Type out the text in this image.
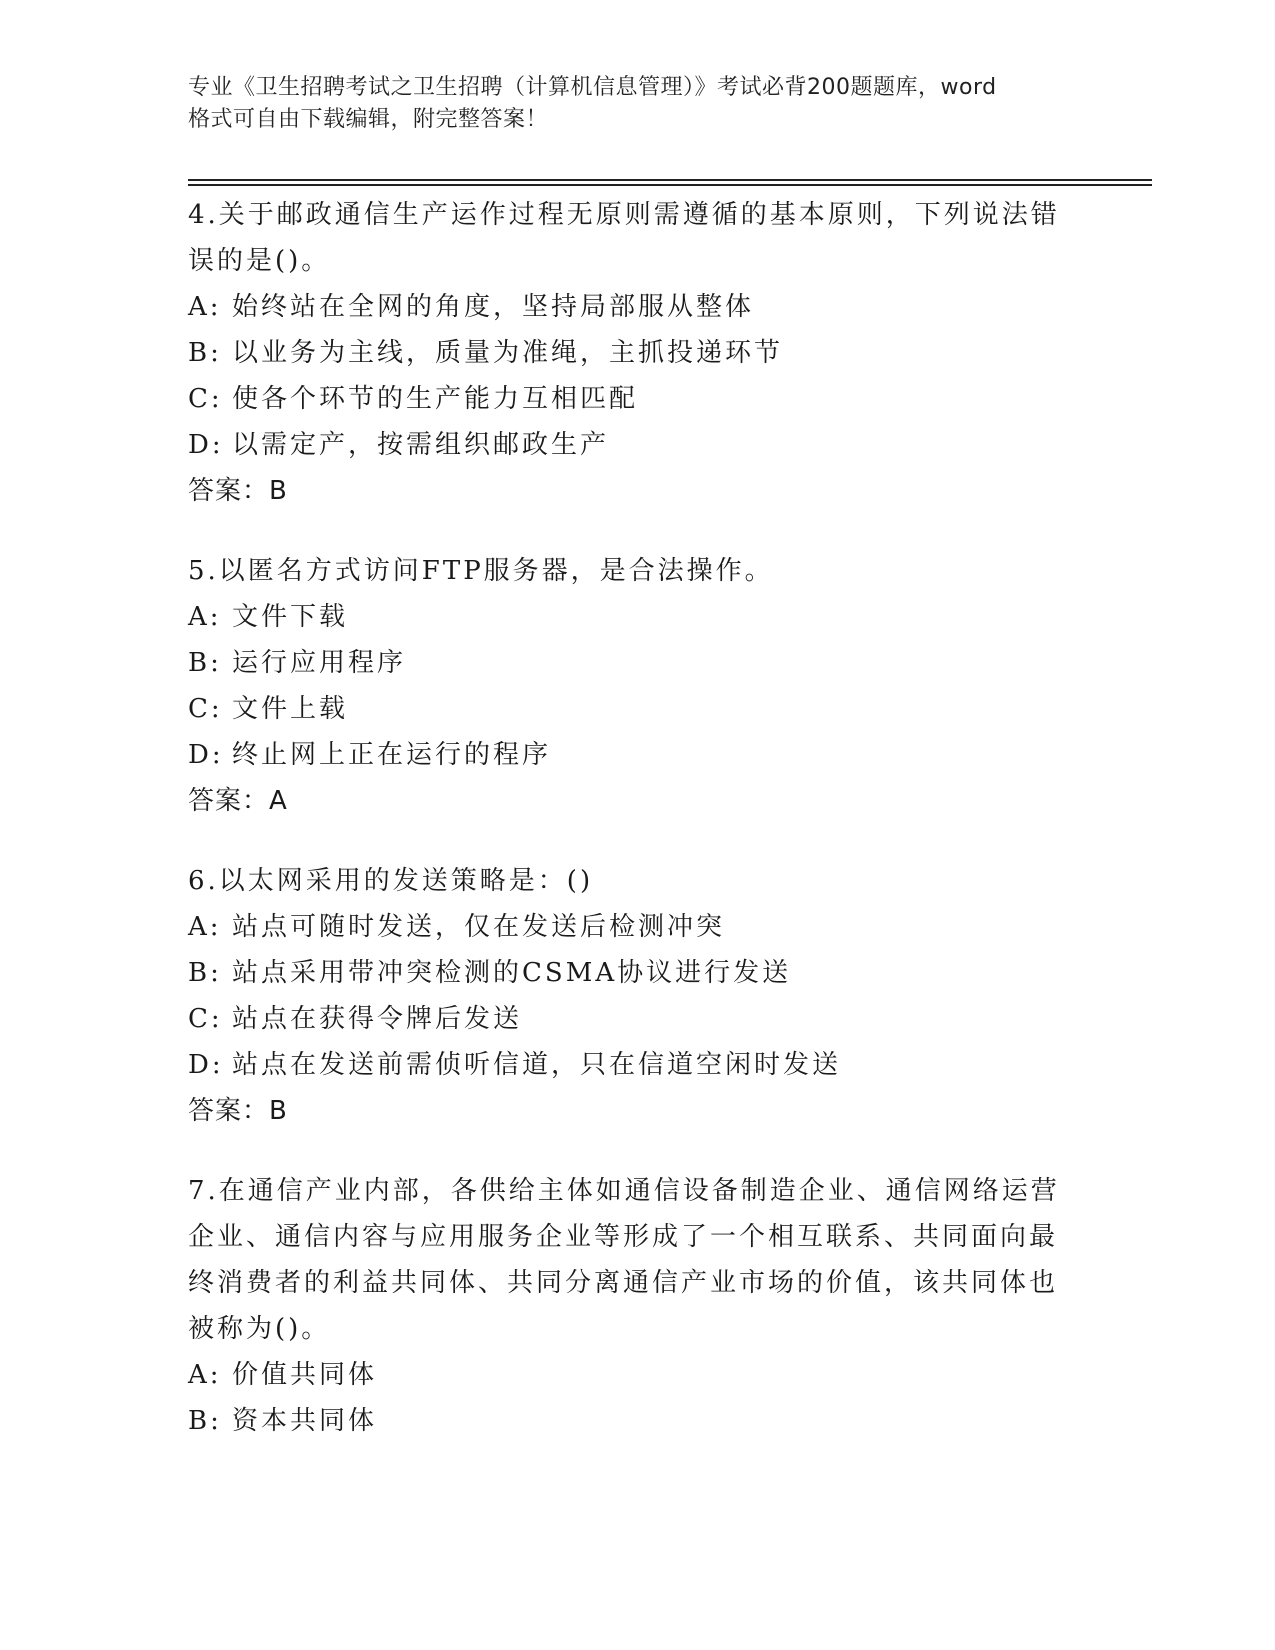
专业《卫生招聘考试之卫生招聘（计算机信息管理）》考试必背200题题库，word
格式可自由下载编辑，附完整答案！
4.关于邮政通信生产运作过程无原则需遵循的基本原则，下列说法错
误的是()。
A: 始终站在全网的角度，坚持局部服从整体
B: 以业务为主线，质量为准绳，主抓投递环节
C: 使各个环节的生产能力互相匹配
D: 以需定产，按需组织邮政生产
答案：B
5.以匿名方式访问FTP服务器，是合法操作。
A: 文件下载
B: 运行应用程序
C: 文件上载
D: 终止网上正在运行的程序
答案：A
6.以太网采用的发送策略是：()
A: 站点可随时发送，仅在发送后检测冲突
B: 站点采用带冲突检测的CSMA协议进行发送
C: 站点在获得令牌后发送
D: 站点在发送前需侦听信道，只在信道空闲时发送
答案：B
7.在通信产业内部，各供给主体如通信设备制造企业、通信网络运营
企业、通信内容与应用服务企业等形成了一个相互联系、共同面向最
终消费者的利益共同体、共同分离通信产业市场的价值，该共同体也
被称为()。
A: 价值共同体
B: 资本共同体
